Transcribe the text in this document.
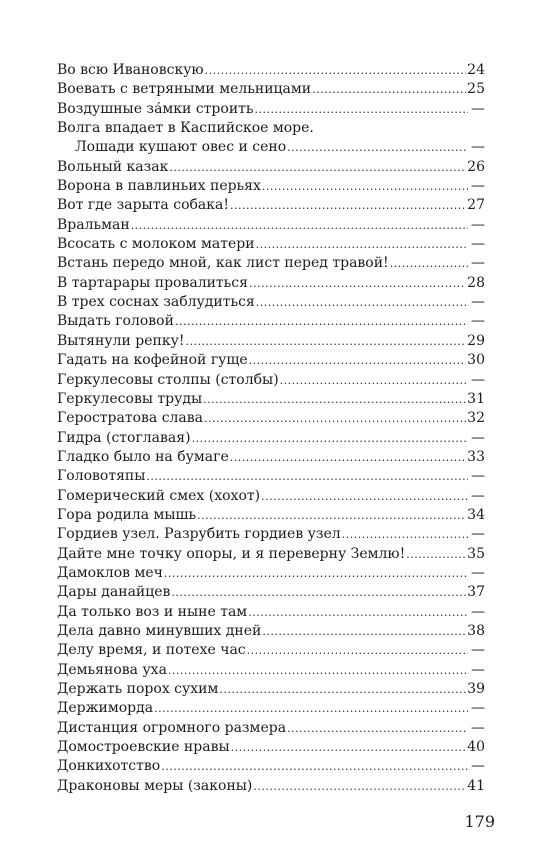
Во всю Ивановскую .....	24
Воевать с ветряными мельницами .....	25
Воздушные за́мки строить .....	—
Волга впадает в Каспийское море.
Лошади кушают овес и сено .....	—
Вольный казак .....	26
Ворона в павлиньих перьях .....	—
Вот где зарыта собака! .....	27
Вральман .....	—
Всосать с молоком матери .....	—
Встань передо мной, как лист перед травой! .....	—
В тартарары провалиться .....	28
В трех соснах заблудиться .....	—
Выдать головой .....	—
Вытянули репку! .....	29
Гадать на кофейной гуще .....	30
Геркулесовы столпы (столбы) .....	—
Геркулесовы труды .....	31
Геростратова слава .....	32
Гидра (стоглавая) .....	—
Гладко было на бумаге .....	33
Головотяпы .....	—
Гомерический смех (хохот) .....	—
Гора родила мышь .....	34
Гордиев узел. Разрубить гордиев узел .....	—
Дайте мне точку опоры, и я переверну Землю! .....	35
Дамоклов меч .....	—
Дары данайцев .....	37
Да только воз и ныне там .....	—
Дела давно минувших дней .....	38
Делу время, и потехе час .....	—
Демьянова уха .....	—
Держать порох сухим .....	39
Держиморда .....	—
Дистанция огромного размера .....	—
Домостроевские нравы .....	40
Донкихотство .....	—
Драконовы меры (законы) .....	41
179
